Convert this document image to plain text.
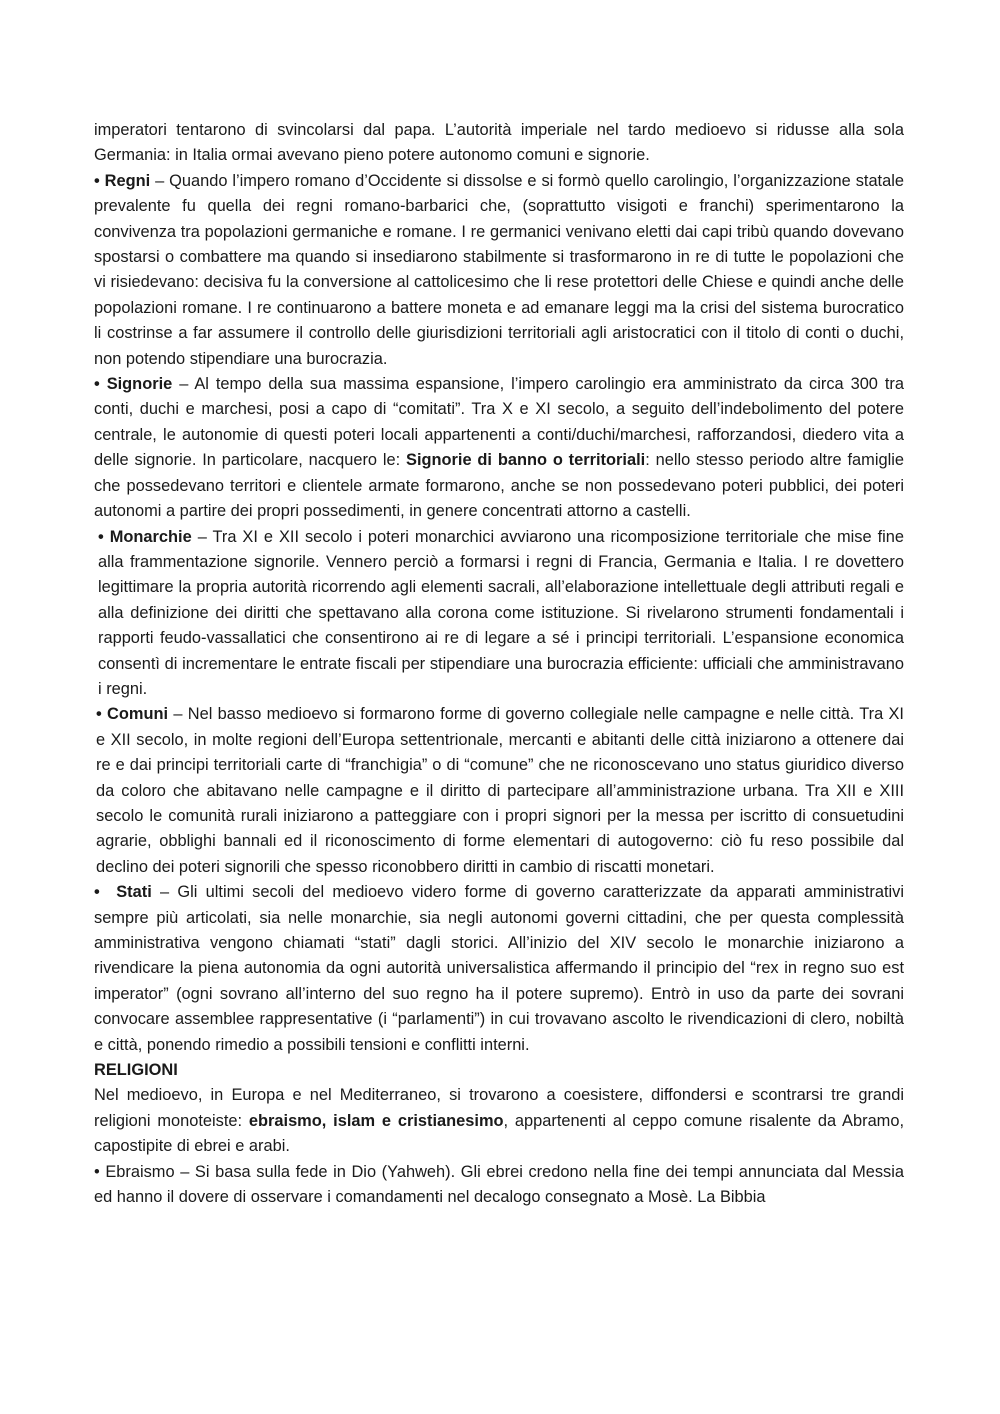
imperatori tentarono di svincolarsi dal papa. L’autorità imperiale nel tardo medioevo si ridusse alla sola Germania: in Italia ormai avevano pieno potere autonomo comuni e signorie.

• Regni – Quando l’impero romano d’Occidente si dissolse e si formò quello carolingio, l’organizzazione statale prevalente fu quella dei regni romano-barbarici che, (soprattutto visigoti e franchi) sperimentarono la convivenza tra popolazioni germaniche e romane. I re germanici venivano eletti dai capi tribù quando dovevano spostarsi o combattere ma quando si insediarono stabilmente si trasformarono in re di tutte le popolazioni che vi risiedevano: decisiva fu la conversione al cattolicesimo che li rese protettori delle Chiese e quindi anche delle popolazioni romane. I re continuarono a battere moneta e ad emanare leggi ma la crisi del sistema burocratico li costrinse a far assumere il controllo delle giurisdizioni territoriali agli aristocratici con il titolo di conti o duchi, non potendo stipendiare una burocrazia.

• Signorie – Al tempo della sua massima espansione, l’impero carolingio era amministrato da circa 300 tra conti, duchi e marchesi, posi a capo di “comitati”. Tra X e XI secolo, a seguito dell’indebolimento del potere centrale, le autonomie di questi poteri locali appartenenti a conti/duchi/marchesi, rafforzandosi, diedero vita a delle signorie. In particolare, nacquero le: Signorie di banno o territoriali: nello stesso periodo altre famiglie che possedevano territori e clientele armate formarono, anche se non possedevano poteri pubblici, dei poteri autonomi a partire dei propri possedimenti, in genere concentrati attorno a castelli.

• Monarchie – Tra XI e XII secolo i poteri monarchici avviarono una ricomposizione territoriale che mise fine alla frammentazione signorile. Vennero perciò a formarsi i regni di Francia, Germania e Italia. I re dovettero legittimare la propria autorità ricorrendo agli elementi sacrali, all’elaborazione intellettuale degli attributi regali e alla definizione dei diritti che spettavano alla corona come istituzione. Si rivelarono strumenti fondamentali i rapporti feudo-vassallatici che consentirono ai re di legare a sé i principi territoriali. L’espansione economica consentì di incrementare le entrate fiscali per stipendiare una burocrazia efficiente: ufficiali che amministravano i regni.

• Comuni – Nel basso medioevo si formarono forme di governo collegiale nelle campagne e nelle città. Tra XI e XII secolo, in molte regioni dell’Europa settentrionale, mercanti e abitanti delle città iniziarono a ottenere dai re e dai principi territoriali carte di “franchigia” o di “comune” che ne riconoscevano uno status giuridico diverso da coloro che abitavano nelle campagne e il diritto di partecipare all’amministrazione urbana. Tra XII e XIII secolo le comunità rurali iniziarono a patteggiare con i propri signori per la messa per iscritto di consuetudini agrarie, obblighi bannali ed il riconoscimento di forme elementari di autogoverno: ciò fu reso possibile dal declino dei poteri signorili che spesso riconobbero diritti in cambio di riscatti monetari.

• Stati – Gli ultimi secoli del medioevo videro forme di governo caratterizzate da apparati amministrativi sempre più articolati, sia nelle monarchie, sia negli autonomi governi cittadini, che per questa complessità amministrativa vengono chiamati “stati” dagli storici. All’inizio del XIV secolo le monarchie iniziarono a rivendicare la piena autonomia da ogni autorità universalistica affermando il principio del “rex in regno suo est imperator” (ogni sovrano all’interno del suo regno ha il potere supremo). Entrò in uso da parte dei sovrani convocare assemblee rappresentative (i “parlamenti”) in cui trovavano ascolto le rivendicazioni di clero, nobiltà e città, ponendo rimedio a possibili tensioni e conflitti interni.

RELIGIONI

Nel medioevo, in Europa e nel Mediterraneo, si trovarono a coesistere, diffondersi e scontrarsi tre grandi religioni monoteiste: ebraismo, islam e cristianesimo, appartenenti al ceppo comune risalente da Abramo, capostipite di ebrei e arabi.

• Ebraismo – Si basa sulla fede in Dio (Yahweh). Gli ebrei credono nella fine dei tempi annunciata dal Messia ed hanno il dovere di osservare i comandamenti nel decalogo consegnato a Mosè. La Bibbia
